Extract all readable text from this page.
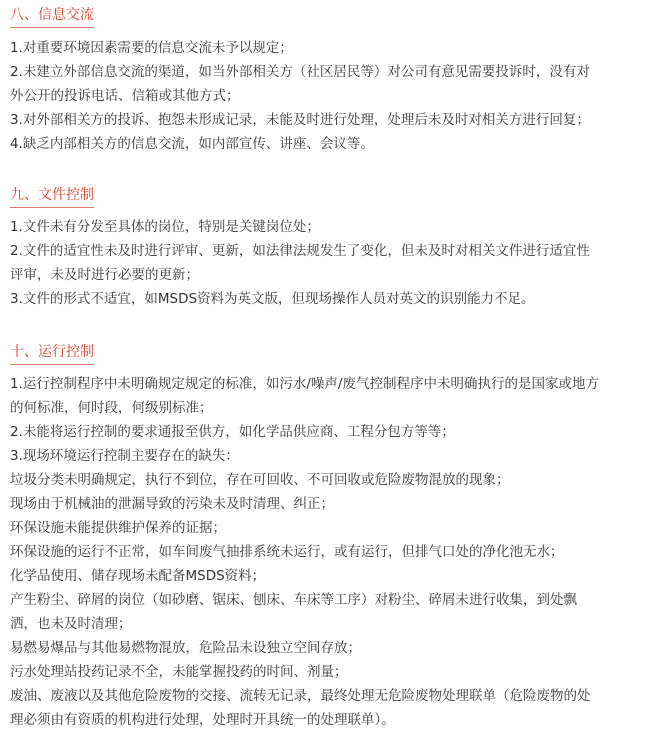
八、信息交流
1.对重要环境因素需要的信息交流未予以规定；
2.未建立外部信息交流的渠道，如当外部相关方（社区居民等）对公司有意见需要投诉时，没有对
外公开的投诉电话、信箱或其他方式；
3.对外部相关方的投诉、抱怨未形成记录，未能及时进行处理，处理后未及时对相关方进行回复；
4.缺乏内部相关方的信息交流，如内部宣传、讲座、会议等。
九、文件控制
1.文件未有分发至具体的岗位，特别是关键岗位处；
2.文件的适宜性未及时进行评审、更新，如法律法规发生了变化，但未及时对相关文件进行适宜性
评审，未及时进行必要的更新；
3.文件的形式不适宜，如MSDS资料为英文版，但现场操作人员对英文的识别能力不足。
十、运行控制
1.运行控制程序中未明确规定规定的标准，如污水/噪声/废气控制程序中未明确执行的是国家或地方
的何标准，何时段，何级别标准；
2.未能将运行控制的要求通报至供方，如化学品供应商、工程分包方等等；
3.现场环境运行控制主要存在的缺失：
垃圾分类未明确规定，执行不到位，存在可回收、不可回收或危险废物混放的现象；
现场由于机械油的泄漏导致的污染未及时清理、纠正；
环保设施未能提供维护保养的证据；
环保设施的运行不正常，如车间废气抽排系统未运行，或有运行，但排气口处的净化池无水；
化学品使用、储存现场未配备MSDS资料；
产生粉尘、碎屑的岗位（如砂磨、锯床、刨床、车床等工序）对粉尘、碎屑未进行收集，到处飘
洒，也未及时清理；
易燃易爆品与其他易燃物混放，危险品未设独立空间存放；
污水处理站投药记录不全，未能掌握投药的时间、剂量；
废油、废液以及其他危险废物的交接、流转无记录，最终处理无危险废物处理联单（危险废物的处
理必须由有资质的机构进行处理，处理时开具统一的处理联单）。
